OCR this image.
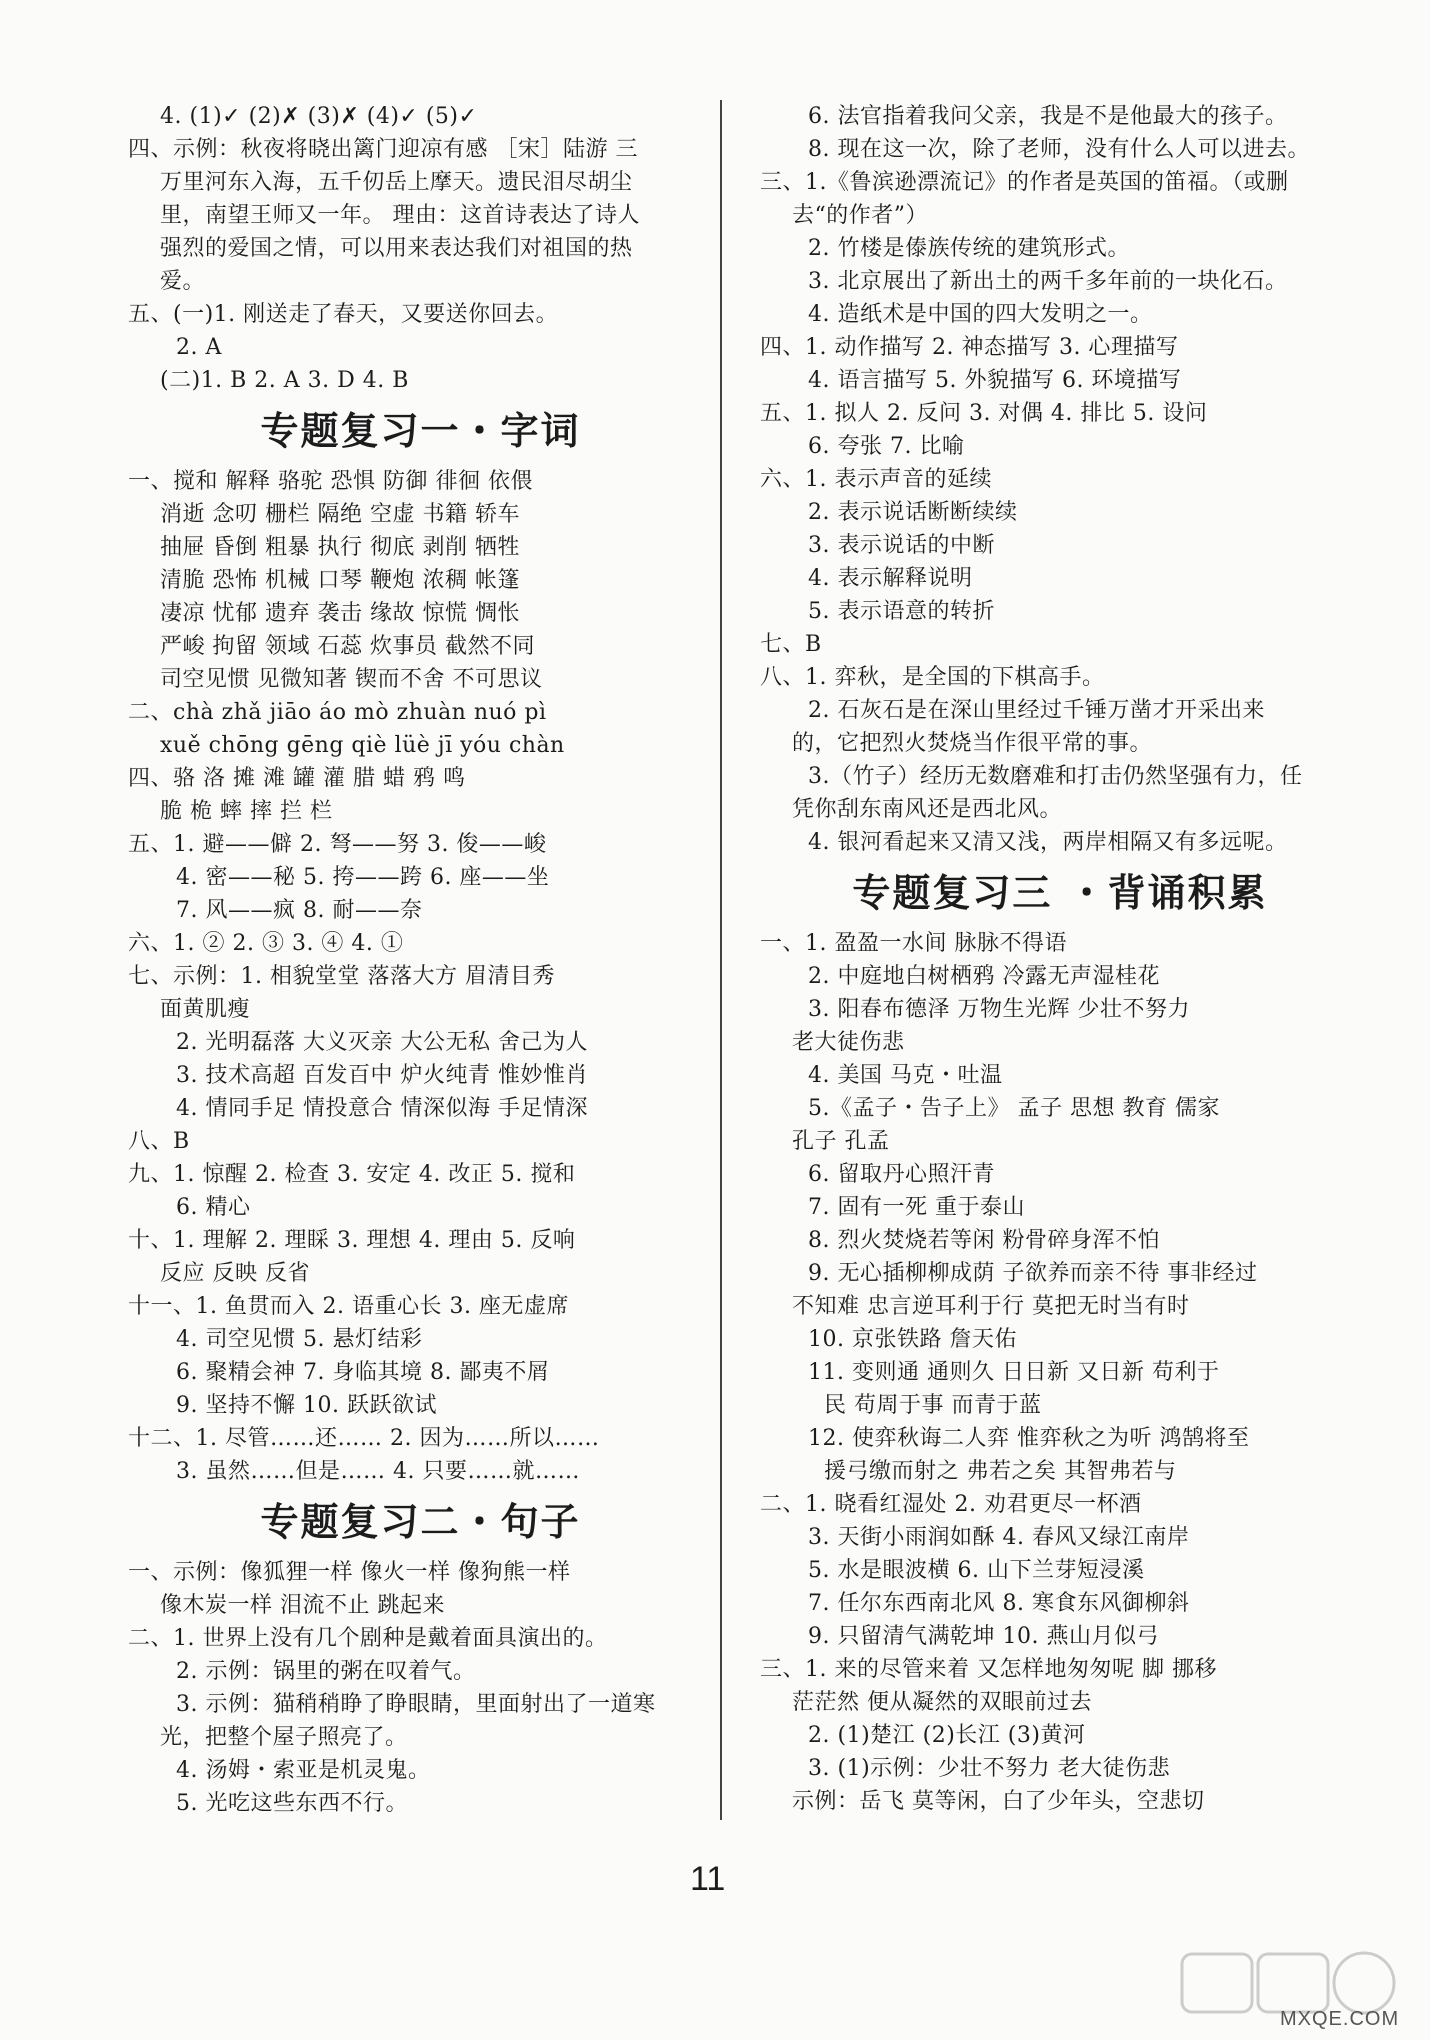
4. (1)✓ (2)✗ (3)✗ (4)✓ (5)✓
四、示例：秋夜将晓出篱门迎凉有感 ［宋］陆游 三
万里河东入海，五千仞岳上摩天。遗民泪尽胡尘
里，南望王师又一年。 理由：这首诗表达了诗人
强烈的爱国之情，可以用来表达我们对祖国的热
爱。
五、(一)1. 刚送走了春天，又要送你回去。
2. A
(二)1. B 2. A 3. D 4. B
专题复习一・字词
一、搅和 解释 骆驼 恐惧 防御 徘徊 依偎
消逝 念叨 栅栏 隔绝 空虚 书籍 轿车
抽屉 昏倒 粗暴 执行 彻底 剥削 牺牲
清脆 恐怖 机械 口琴 鞭炮 浓稠 帐篷
凄凉 忧郁 遗弃 袭击 缘故 惊慌 惆怅
严峻 拘留 领域 石蕊 炊事员 截然不同
司空见惯 见微知著 锲而不舍 不可思议
二、chà zhǎ jiāo áo mò zhuàn nuó pì
xuě chōng gēng qiè lüè jī yóu chàn
四、骆 洛 摊 滩 罐 灌 腊 蜡 鸦 鸣
脆 桅 蟀 摔 拦 栏
五、1. 避——僻 2. 弩——努 3. 俊——峻
4. 密——秘 5. 挎——跨 6. 座——坐
7. 风——疯 8. 耐——奈
六、1. ② 2. ③ 3. ④ 4. ①
七、示例：1. 相貌堂堂 落落大方 眉清目秀
面黄肌瘦
2. 光明磊落 大义灭亲 大公无私 舍己为人
3. 技术高超 百发百中 炉火纯青 惟妙惟肖
4. 情同手足 情投意合 情深似海 手足情深
八、B
九、1. 惊醒 2. 检查 3. 安定 4. 改正 5. 搅和
6. 精心
十、1. 理解 2. 理睬 3. 理想 4. 理由 5. 反响
反应 反映 反省
十一、1. 鱼贯而入 2. 语重心长 3. 座无虚席
4. 司空见惯 5. 悬灯结彩
6. 聚精会神 7. 身临其境 8. 鄙夷不屑
9. 坚持不懈 10. 跃跃欲试
十二、1. 尽管……还…… 2. 因为……所以……
3. 虽然……但是…… 4. 只要……就……
专题复习二・句子
一、示例：像狐狸一样 像火一样 像狗熊一样
像木炭一样 泪流不止 跳起来
二、1. 世界上没有几个剧种是戴着面具演出的。
2. 示例：锅里的粥在叹着气。
3. 示例：猫稍稍睁了睁眼睛，里面射出了一道寒
光，把整个屋子照亮了。
4. 汤姆・索亚是机灵鬼。
5. 光吃这些东西不行。
6. 法官指着我问父亲，我是不是他最大的孩子。
8. 现在这一次，除了老师，没有什么人可以进去。
三、1.《鲁滨逊漂流记》的作者是英国的笛福。（或删
去“的作者”）
2. 竹楼是傣族传统的建筑形式。
3. 北京展出了新出土的两千多年前的一块化石。
4. 造纸术是中国的四大发明之一。
四、1. 动作描写 2. 神态描写 3. 心理描写
4. 语言描写 5. 外貌描写 6. 环境描写
五、1. 拟人 2. 反问 3. 对偶 4. 排比 5. 设问
6. 夸张 7. 比喻
六、1. 表示声音的延续
2. 表示说话断断续续
3. 表示说话的中断
4. 表示解释说明
5. 表示语意的转折
七、B
八、1. 弈秋，是全国的下棋高手。
2. 石灰石是在深山里经过千锤万凿才开采出来
的，它把烈火焚烧当作很平常的事。
3.（竹子）经历无数磨难和打击仍然坚强有力，任
凭你刮东南风还是西北风。
4. 银河看起来又清又浅，两岸相隔又有多远呢。
专题复习三 ・背诵积累
一、1. 盈盈一水间 脉脉不得语
2. 中庭地白树栖鸦 冷露无声湿桂花
3. 阳春布德泽 万物生光辉 少壮不努力
老大徒伤悲
4. 美国 马克・吐温
5.《孟子・告子上》 孟子 思想 教育 儒家
孔子 孔孟
6. 留取丹心照汗青
7. 固有一死 重于泰山
8. 烈火焚烧若等闲 粉骨碎身浑不怕
9. 无心插柳柳成荫 子欲养而亲不待 事非经过
不知难 忠言逆耳利于行 莫把无时当有时
10. 京张铁路 詹天佑
11. 变则通 通则久 日日新 又日新 苟利于
民 苟周于事 而青于蓝
12. 使弈秋诲二人弈 惟弈秋之为听 鸿鹄将至
援弓缴而射之 弗若之矣 其智弗若与
二、1. 晓看红湿处 2. 劝君更尽一杯酒
3. 天街小雨润如酥 4. 春风又绿江南岸
5. 水是眼波横 6. 山下兰芽短浸溪
7. 任尔东西南北风 8. 寒食东风御柳斜
9. 只留清气满乾坤 10. 燕山月似弓
三、1. 来的尽管来着 又怎样地匆匆呢 脚 挪移
茫茫然 便从凝然的双眼前过去
2. (1)楚江 (2)长江 (3)黄河
3. (1)示例：少壮不努力 老大徒伤悲
示例：岳飞 莫等闲，白了少年头，空悲切
11
MXQE.COM
